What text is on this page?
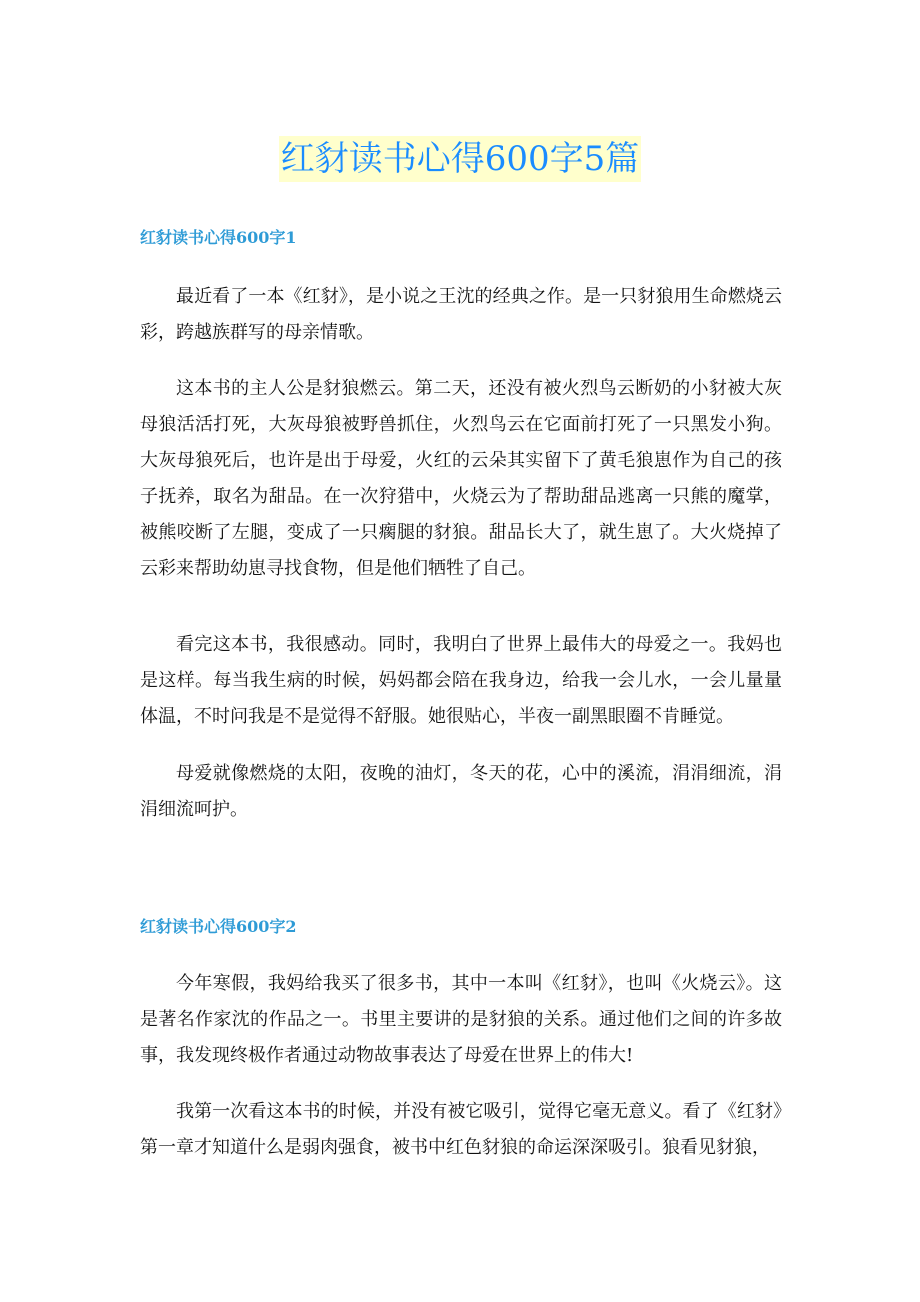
红豺读书心得600字5篇
红豺读书心得600字1

最近看了一本《红豺》，是小说之王沈的经典之作。是一只豺狼用生命燃烧云彩，跨越族群写的母亲情歌。

这本书的主人公是豺狼燃云。第二天，还没有被火烈鸟云断奶的小豺被大灰母狼活活打死，大灰母狼被野兽抓住，火烈鸟云在它面前打死了一只黑发小狗。大灰母狼死后，也许是出于母爱，火红的云朵其实留下了黄毛狼崽作为自己的孩子抚养，取名为甜品。在一次狩猎中，火烧云为了帮助甜品逃离一只熊的魔掌，被熊咬断了左腿，变成了一只瘸腿的豺狼。甜品长大了，就生崽了。大火烧掉了云彩来帮助幼崽寻找食物，但是他们牺牲了自己。

看完这本书，我很感动。同时，我明白了世界上最伟大的母爱之一。我妈也是这样。每当我生病的时候，妈妈都会陪在我身边，给我一会儿水，一会儿量量体温，不时问我是不是觉得不舒服。她很贴心，半夜一副黑眼圈不肯睡觉。

母爱就像燃烧的太阳，夜晚的油灯，冬天的花，心中的溪流，涓涓细流，涓涓细流呵护。

红豺读书心得600字2

今年寒假，我妈给我买了很多书，其中一本叫《红豺》，也叫《火烧云》。这是著名作家沈的作品之一。书里主要讲的是豺狼的关系。通过他们之间的许多故事，我发现终极作者通过动物故事表达了母爱在世界上的伟大!

我第一次看这本书的时候，并没有被它吸引，觉得它毫无意义。看了《红豺》第一章才知道什么是弱肉强食，被书中红色豺狼的命运深深吸引。狼看见豺狼，
